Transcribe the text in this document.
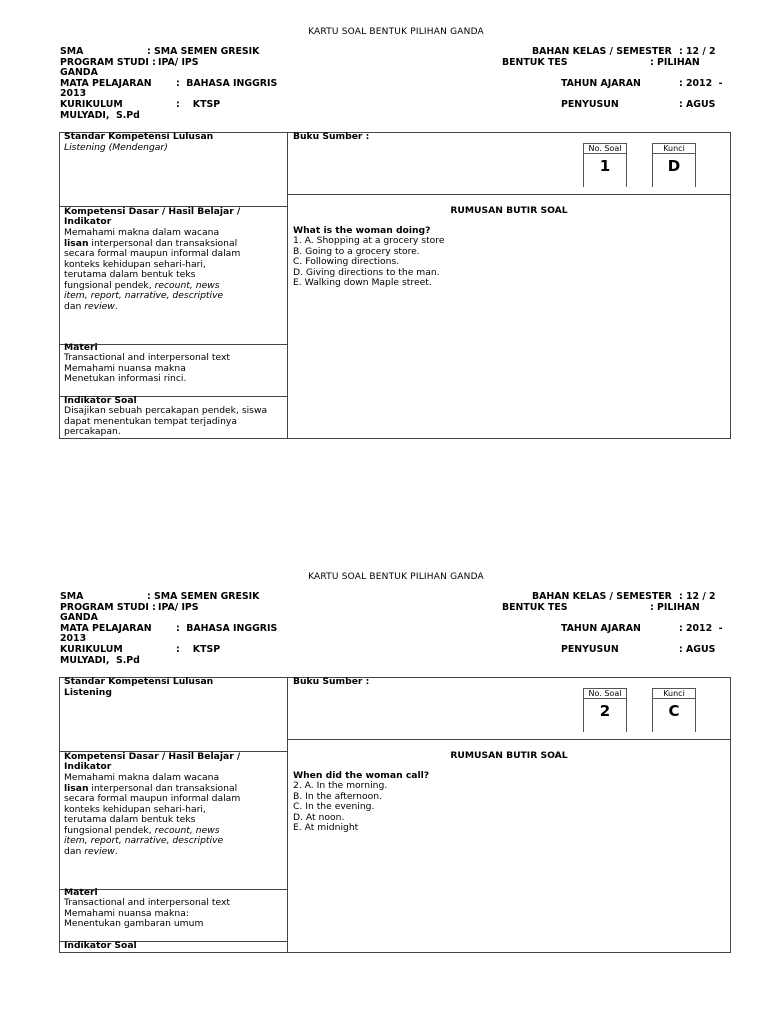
KARTU SOAL BENTUK PILIHAN GANDA
SMA	: SMA SEMEN GRESIK
PROGRAM STUDI : IPA/ IPS
GANDA
MATA PELAJARAN	:  BAHASA INGGRIS
2013
KURIKULUM	:    KTSP
MULYADI,  S.Pd
BAHAN KELAS / SEMESTER : 12 / 2
BENTUK TES	: PILIHAN
TAHUN AJARAN	: 2012  -
PENYUSUN	: AGUS
Standar Kompetensi Lulusan
Listening (Mendengar)
Buku Sumber :
No. Soal
1
Kunci
D
Kompetensi Dasar / Hasil Belajar / Indikator
Memahami makna dalam wacana
lisan interpersonal dan transaksional
secara formal maupun informal dalam
konteks kehidupan sehari-hari,
terutama dalam bentuk teks
fungsional pendek, recount, news
item, report, narrative, descriptive
dan review.
RUMUSAN BUTIR SOAL
What is the woman doing?
1. A. Shopping at a grocery store
B. Going to a grocery store.
C. Following directions.
D. Giving directions to the man.
E. Walking down Maple street.
Materi
Transactional and interpersonal text
Memahami nuansa makna
Menetukan informasi rinci.
Indikator Soal
Disajikan sebuah percakapan pendek, siswa
dapat menentukan tempat terjadinya
percakapan.
KARTU SOAL BENTUK PILIHAN GANDA
SMA	: SMA SEMEN GRESIK
PROGRAM STUDI : IPA/ IPS
GANDA
MATA PELAJARAN	:  BAHASA INGGRIS
2013
KURIKULUM	:    KTSP
MULYADI,  S.Pd
BAHAN KELAS / SEMESTER : 12 / 2
BENTUK TES	: PILIHAN
TAHUN AJARAN	: 2012  -
PENYUSUN	: AGUS
Standar Kompetensi Lulusan
Listening
Buku Sumber :
No. Soal
2
Kunci
C
Kompetensi Dasar / Hasil Belajar / Indikator
Memahami makna dalam wacana
lisan interpersonal dan transaksional
secara formal maupun informal dalam
konteks kehidupan sehari-hari,
terutama dalam bentuk teks
fungsional pendek, recount, news
item, report, narrative, descriptive
dan review.
RUMUSAN BUTIR SOAL
When did the woman call?
2. A. In the morning.
B. In the afternoon.
C. In the evening.
D. At noon.
E. At midnight
Materi
Transactional and interpersonal text
Memahami nuansa makna:
Menentukan gambaran umum
Indikator Soal
